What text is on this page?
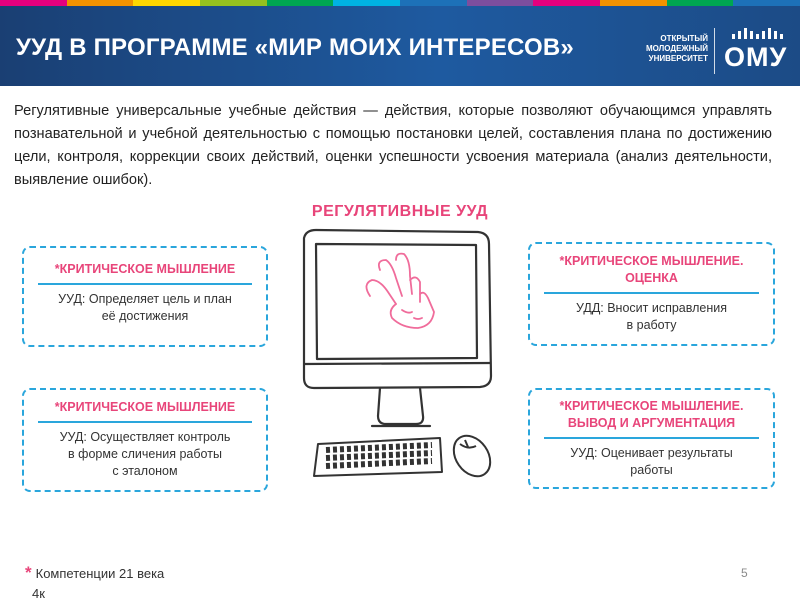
УУД В ПРОГРАММЕ «МИР МОИХ ИНТЕРЕСОВ»	ОТКРЫТЫЙ
МОЛОДЕЖНЫЙ
УНИВЕРСИТЕТ ОМУ
Регулятивные универсальные учебные действия — действия, которые позволяют обучающимся управлять познавательной и учебной деятельностью с помощью постановки целей, составления плана по достижению цели, контроля, коррекции своих действий, оценки успешности усвоения материала (анализ деятельности, выявление ошибок).
РЕГУЛЯТИВНЫЕ УУД
*КРИТИЧЕСКОЕ МЫШЛЕНИЕ
УУД: Определяет цель и план
её достижения
*КРИТИЧЕСКОЕ МЫШЛЕНИЕ.
ОЦЕНКА
УДД: Вносит исправления
в работу
*КРИТИЧЕСКОЕ МЫШЛЕНИЕ
УУД: Осуществляет контроль
в форме сличения работы
с эталоном
*КРИТИЧЕСКОЕ МЫШЛЕНИЕ.
ВЫВОД И АРГУМЕНТАЦИЯ
УУД: Оценивает результаты
работы
* Компетенции 21 века
4к
5
